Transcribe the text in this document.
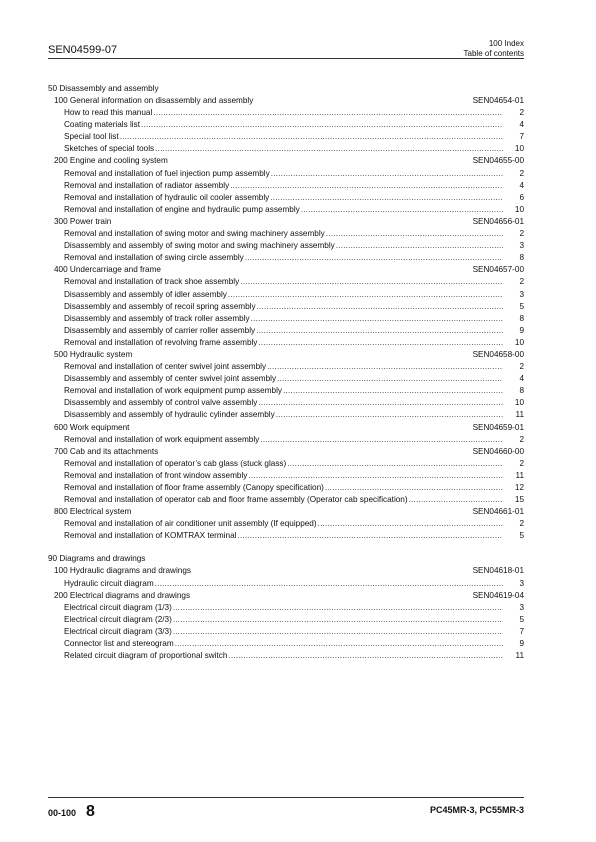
SEN04599-07
100 Index
Table of contents
50 Disassembly and assembly
100 General information on disassembly and assembly	SEN04654-01
How to read this manual .....	2
Coating materials list .....	4
Special tool list .....	7
Sketches of special tools .....	10
200 Engine and cooling system	SEN04655-00
Removal and installation of fuel injection pump assembly .....	2
Removal and installation of radiator assembly .....	4
Removal and installation of hydraulic oil cooler assembly .....	6
Removal and installation of engine and hydraulic pump assembly .....	10
300 Power train	SEN04656-01
Removal and installation of swing motor and swing machinery assembly .....	2
Disassembly and assembly of swing motor and swing machinery assembly .....	3
Removal and installation of swing circle assembly .....	8
400 Undercarriage and frame	SEN04657-00
Removal and installation of track shoe assembly .....	2
Disassembly and assembly of idler assembly .....	3
Disassembly and assembly of recoil spring assembly .....	5
Disassembly and assembly of track roller assembly .....	8
Disassembly and assembly of carrier roller assembly .....	9
Removal and installation of revolving frame assembly .....	10
500 Hydraulic system	SEN04658-00
Removal and installation of center swivel joint assembly .....	2
Disassembly and assembly of center swivel joint assembly .....	4
Removal and installation of work equipment pump assembly .....	8
Disassembly and assembly of control valve assembly .....	10
Disassembly and assembly of hydraulic cylinder assembly .....	11
600 Work equipment	SEN04659-01
Removal and installation of work equipment assembly .....	2
700 Cab and its attachments	SEN04660-00
Removal and installation of operator’s cab glass (stuck glass) .....	2
Removal and installation of front window assembly .....	11
Removal and installation of floor frame assembly (Canopy specification) .....	12
Removal and installation of operator cab and floor frame assembly (Operator cab specification) .....	15
800 Electrical system	SEN04661-01
Removal and installation of air conditioner unit assembly (If equipped) .....	2
Removal and installation of KOMTRAX terminal .....	5
90 Diagrams and drawings
100 Hydraulic diagrams and drawings	SEN04618-01
Hydraulic circuit diagram .....	3
200 Electrical diagrams and drawings	SEN04619-04
Electrical circuit diagram (1/3) .....	3
Electrical circuit diagram (2/3) .....	5
Electrical circuit diagram (3/3) .....	7
Connector list and stereogram .....	9
Related circuit diagram of proportional switch .....	11
00-100 8	PC45MR-3, PC55MR-3
